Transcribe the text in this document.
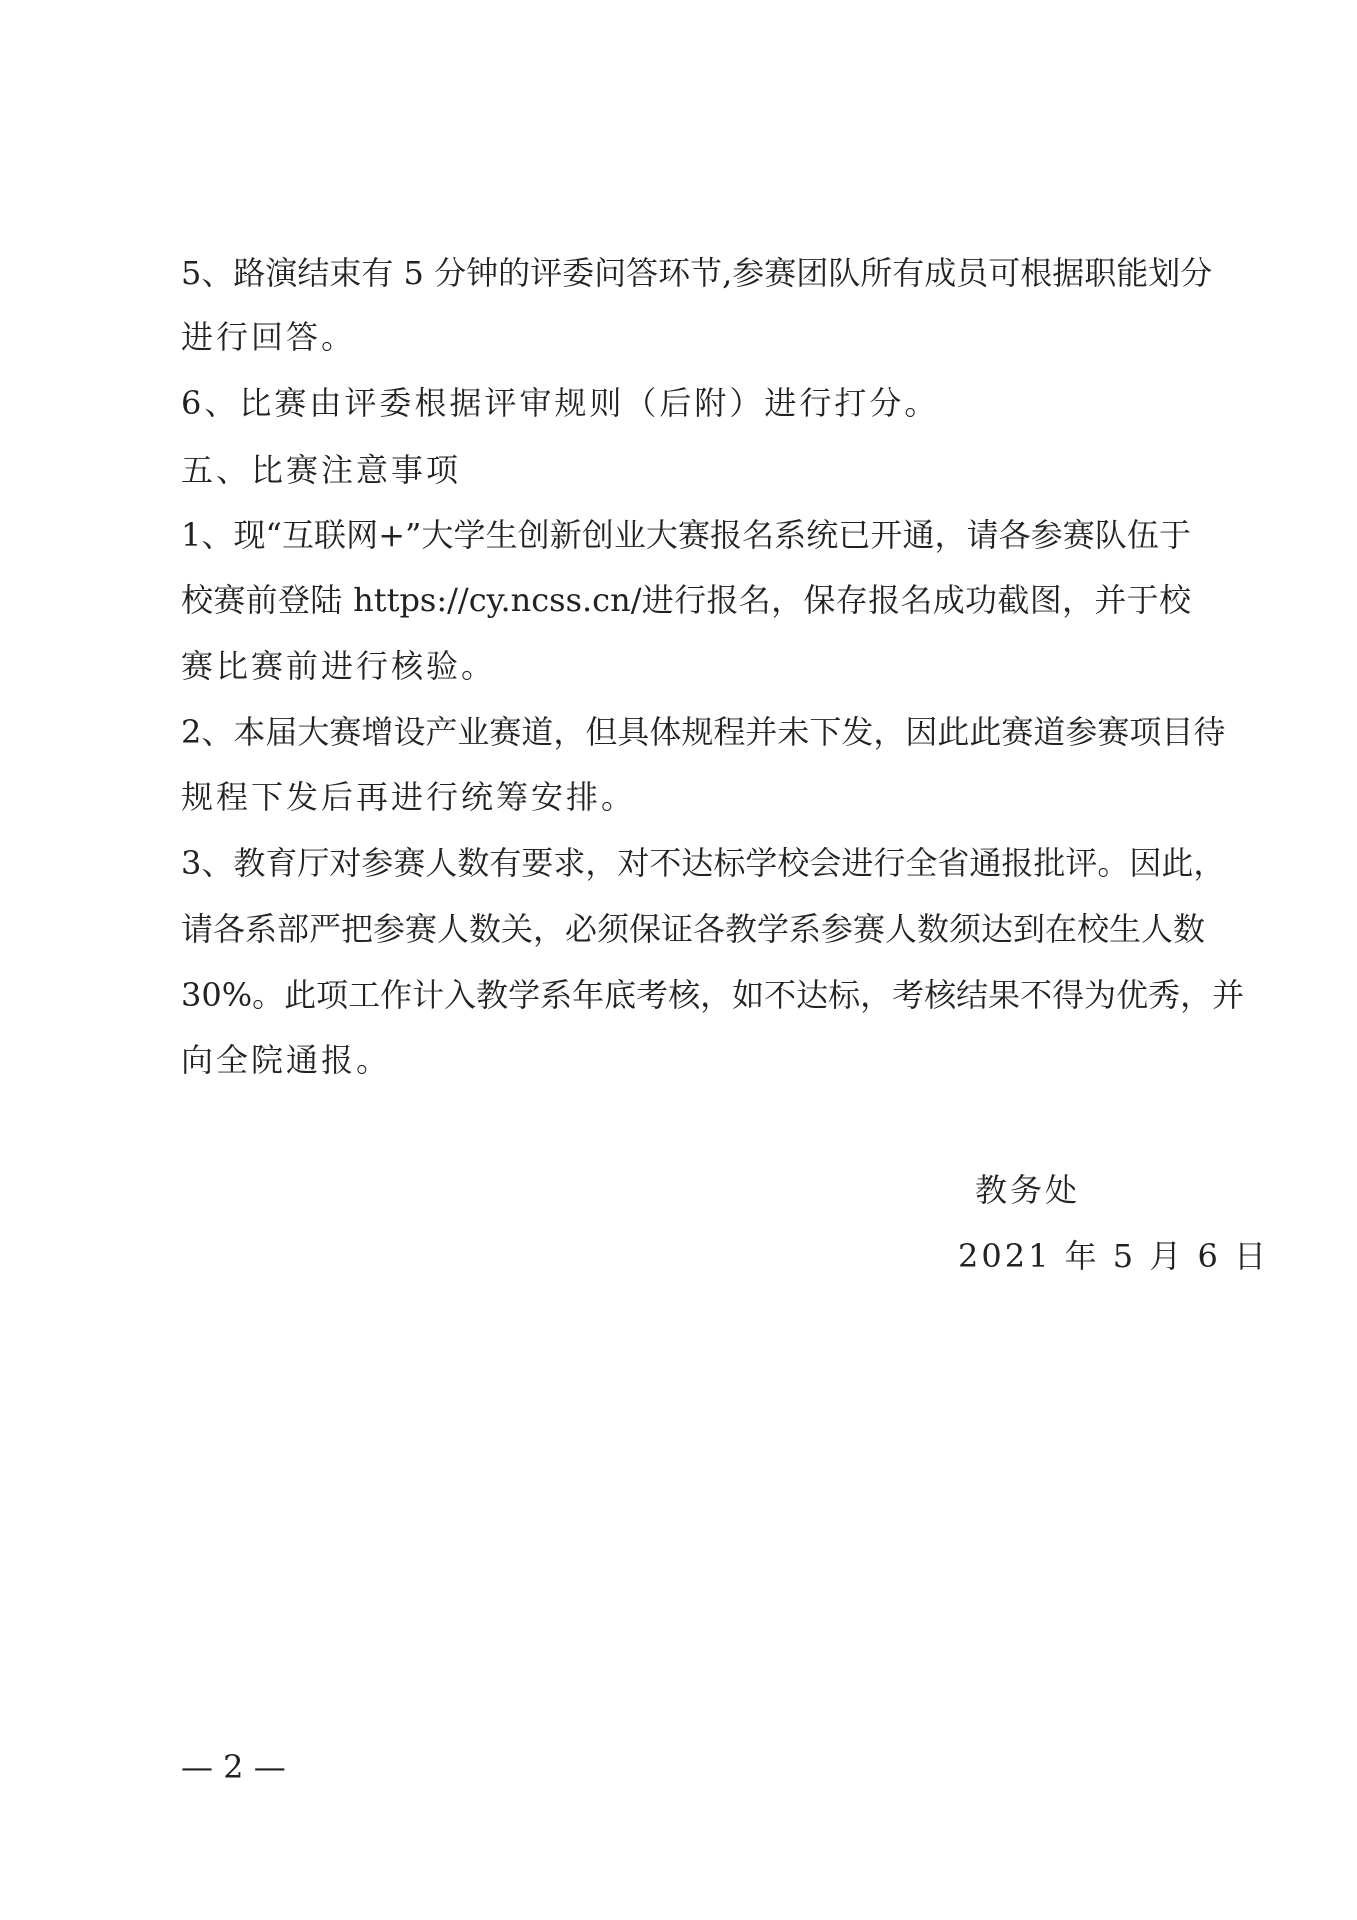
5、路演结束有 5 分钟的评委问答环节,参赛团队所有成员可根据职能划分
进行回答。
6、比赛由评委根据评审规则（后附）进行打分。
五、比赛注意事项
1、现“互联网+”大学生创新创业大赛报名系统已开通，请各参赛队伍于
校赛前登陆 https://cy.ncss.cn/进行报名，保存报名成功截图，并于校
赛比赛前进行核验。
2、本届大赛增设产业赛道，但具体规程并未下发，因此此赛道参赛项目待
规程下发后再进行统筹安排。
3、教育厅对参赛人数有要求，对不达标学校会进行全省通报批评。因此，
请各系部严把参赛人数关，必须保证各教学系参赛人数须达到在校生人数
30%。此项工作计入教学系年底考核，如不达标，考核结果不得为优秀，并
向全院通报。
教务处
2021 年 5 月 6 日
— 2 —
